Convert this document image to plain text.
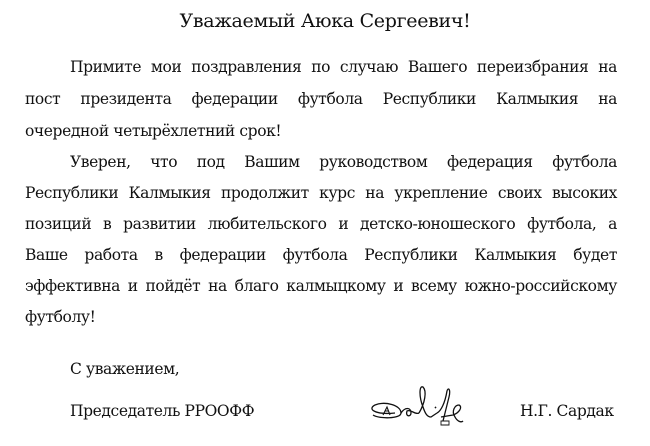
Уважаемый Аюка Сергеевич!
Примите мои поздравления по случаю Вашего переизбрания на
пост президента федерации футбола Республики Калмыкия на
очередной четырёхлетний срок!
Уверен, что под Вашим руководством федерация футбола
Республики Калмыкия продолжит курс на укрепление своих высоких
позиций в развитии любительского и детско-юношеского футбола, а
Ваше работа в федерации футбола Республики Калмыкия будет
эффективна и пойдёт на благо калмыцкому и всему южно-российскому
футболу!
С уважением,
Председатель РРООФФ	Н.Г. Сардак
